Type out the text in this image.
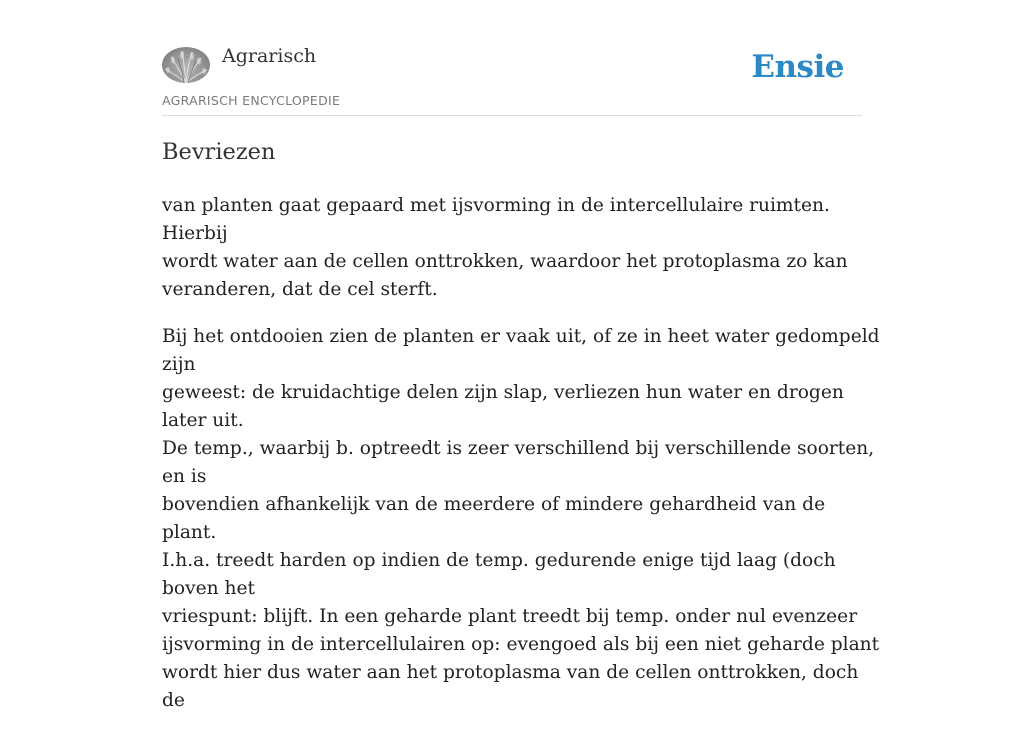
Agrarisch
AGRARISCH ENCYCLOPEDIE
Ensie
Bevriezen

van planten gaat gepaard met ijsvorming in de intercellulaire ruimten. Hierbij
wordt water aan de cellen onttrokken, waardoor het protoplasma zo kan
veranderen, dat de cel sterft.

Bij het ontdooien zien de planten er vaak uit, of ze in heet water gedompeld zijn
geweest: de kruidachtige delen zijn slap, verliezen hun water en drogen later uit.
De temp., waarbij b. optreedt is zeer verschillend bij verschillende soorten, en is
bovendien afhankelijk van de meerdere of mindere gehardheid van de plant.
I.h.a. treedt harden op indien de temp. gedurende enige tijd laag (doch boven het
vriespunt: blijft. In een geharde plant treedt bij temp. onder nul evenzeer
ijsvorming in de intercellulairen op: evengoed als bij een niet geharde plant
wordt hier dus water aan het protoplasma van de cellen onttrokken, doch de
